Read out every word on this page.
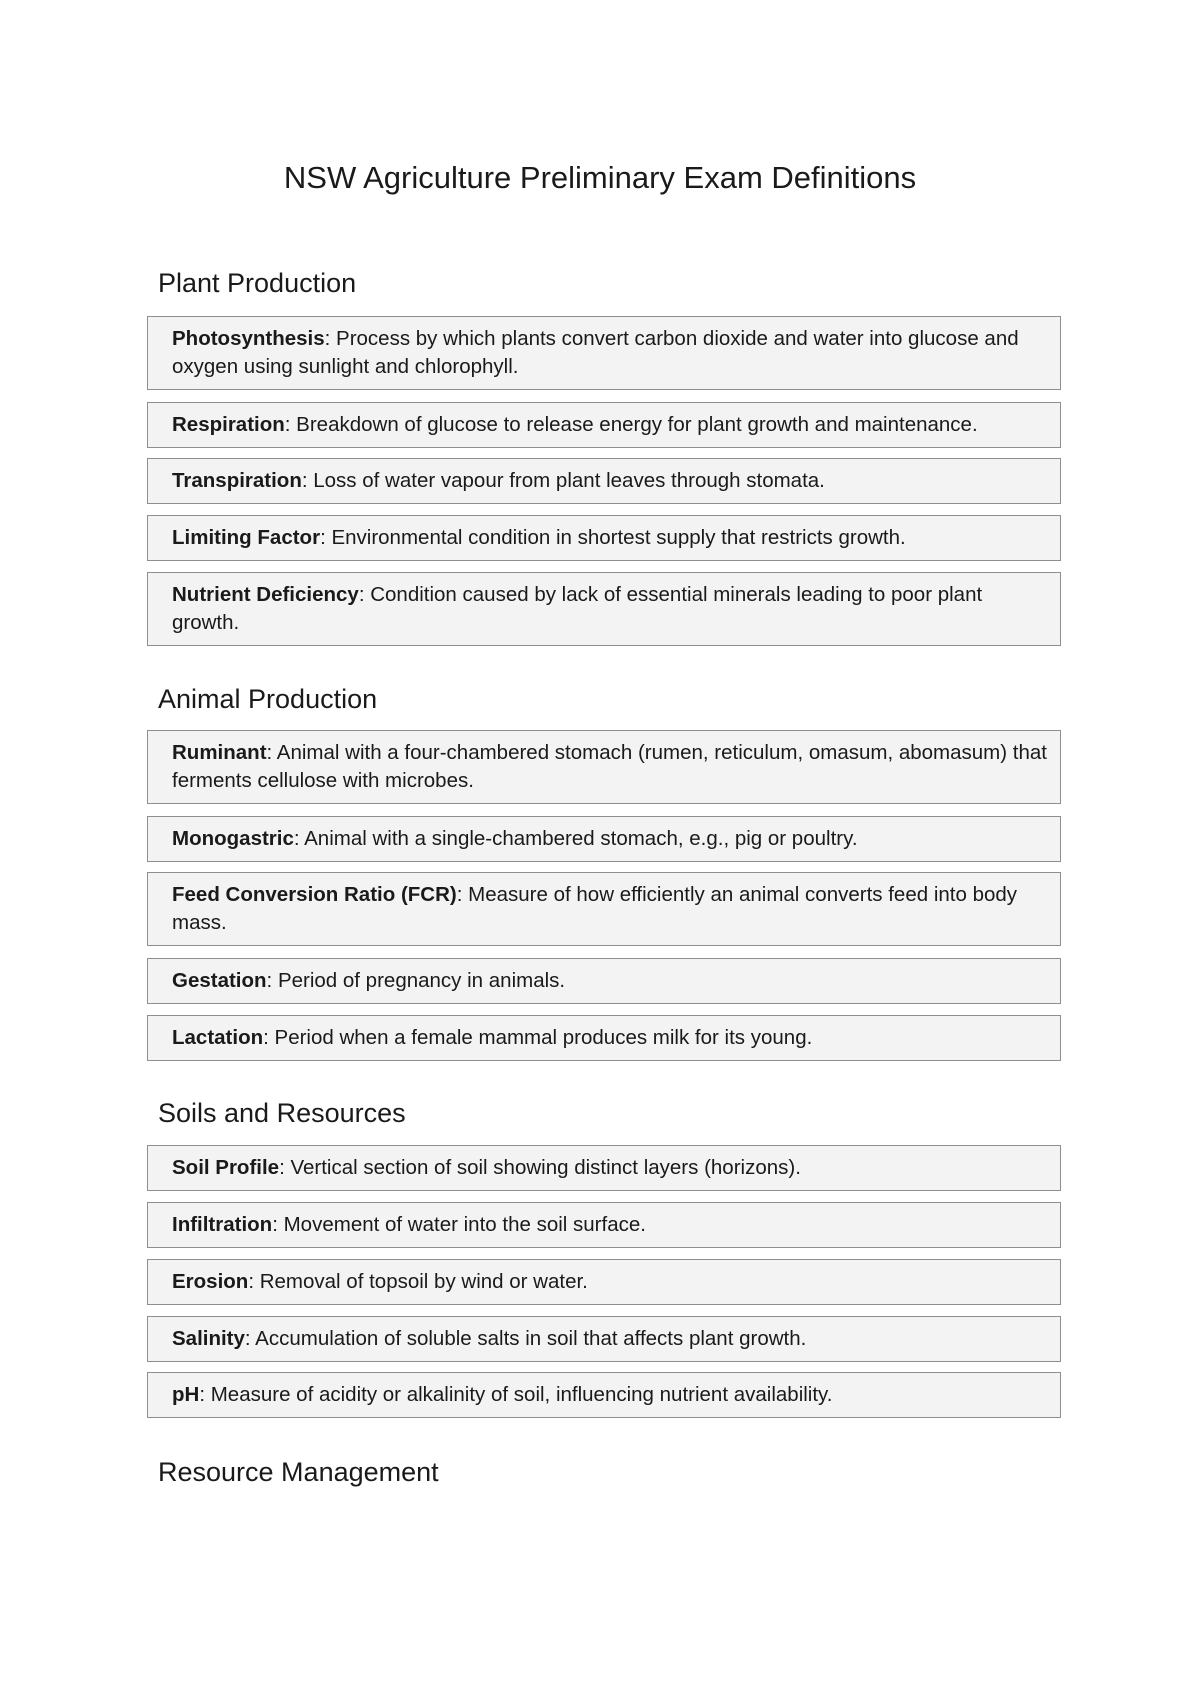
NSW Agriculture Preliminary Exam Definitions
Plant Production

Photosynthesis: Process by which plants convert carbon dioxide and water into glucose and oxygen using sunlight and chlorophyll.

Respiration: Breakdown of glucose to release energy for plant growth and maintenance.

Transpiration: Loss of water vapour from plant leaves through stomata.

Limiting Factor: Environmental condition in shortest supply that restricts growth.

Nutrient Deficiency: Condition caused by lack of essential minerals leading to poor plant growth.

Animal Production

Ruminant: Animal with a four-chambered stomach (rumen, reticulum, omasum, abomasum) that ferments cellulose with microbes.

Monogastric: Animal with a single-chambered stomach, e.g., pig or poultry.

Feed Conversion Ratio (FCR): Measure of how efficiently an animal converts feed into body mass.

Gestation: Period of pregnancy in animals.

Lactation: Period when a female mammal produces milk for its young.

Soils and Resources

Soil Profile: Vertical section of soil showing distinct layers (horizons).

Infiltration: Movement of water into the soil surface.

Erosion: Removal of topsoil by wind or water.

Salinity: Accumulation of soluble salts in soil that affects plant growth.

pH: Measure of acidity or alkalinity of soil, influencing nutrient availability.

Resource Management
